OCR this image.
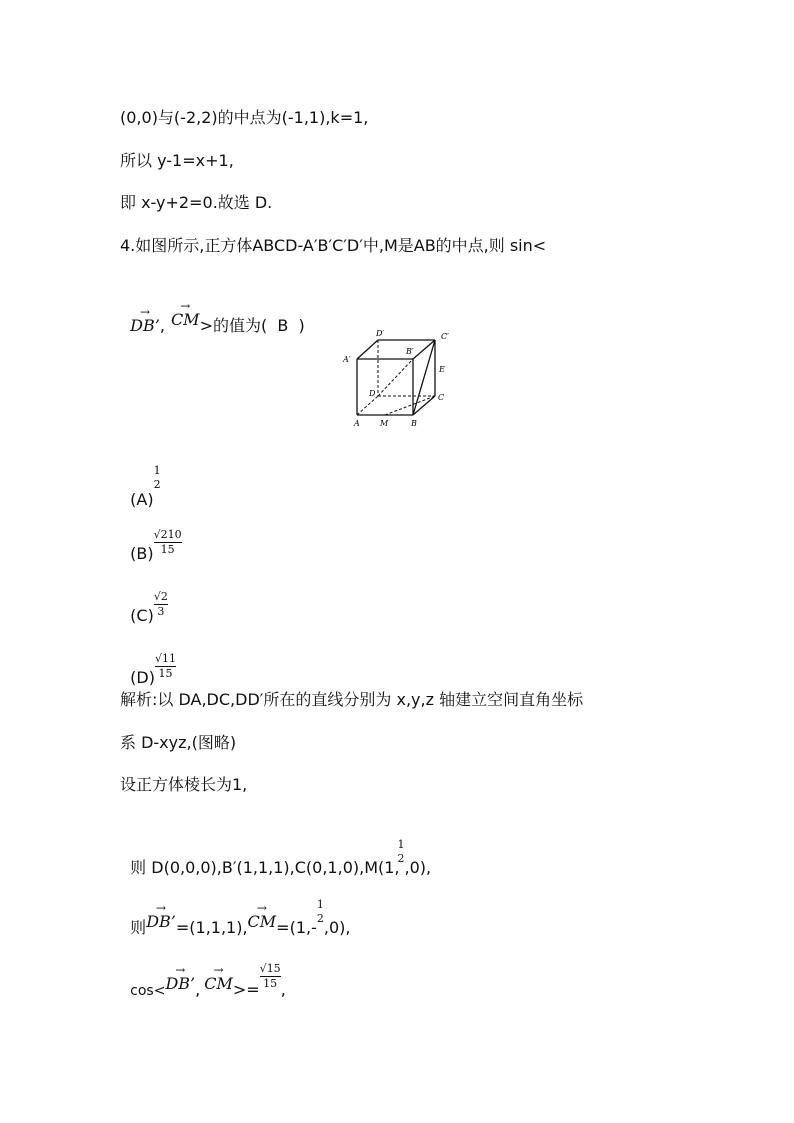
(0,0)与(-2,2)的中点为(-1,1),k=1,
所以 y-1=x+1,
即 x-y+2=0.故选 D.
4.如图所示,正方体ABCD-A′B′C′D′中,M是AB的中点,则 sin<

→
DB’,
→
CM>的值为(  B  )	D′	C′
A′
B′
E
D	C
A	M	B

(A)
1
2

$(B) \frac{√210}{15}$

$(C) \frac{√2}{3}$

$(D) \frac{√11}{15}$

解析:以 DA,DC,DD′所在的直线分别为 x,y,z 轴建立空间直角坐标
系 D-xyz,(图略)
设正方体棱长为1,

则 D(0,0,0),B′(1,1,1),C(0,1,0),M(1,
1
2 ,0),

则
→
DB’=(1,1,1),
→
CM=(1,-
1
2 ,0),

cos<
→
DB’,
→
$CM>= \frac{√15}{15}$ ,
